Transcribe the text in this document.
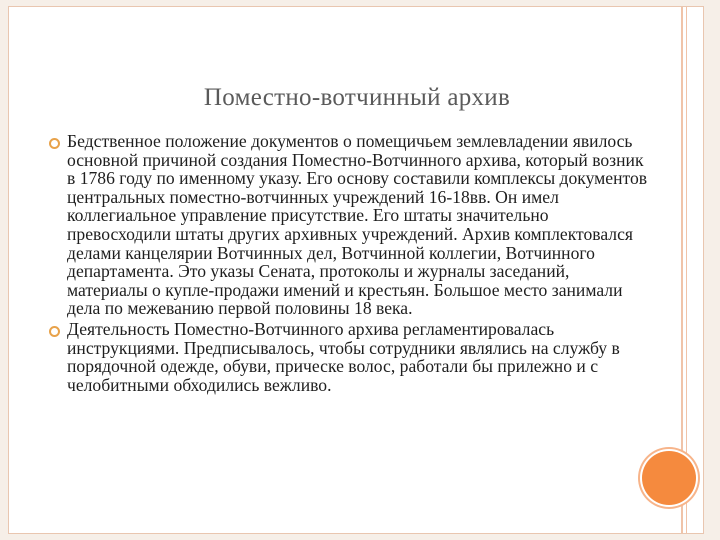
Поместно-вотчинный архив
Бедственное положение документов о помещичьем землевладении явилось основной причиной создания Поместно-Вотчинного архива, который возник в 1786 году по именному указу. Его основу составили комплексы документов центральных поместно-вотчинных учреждений 16-18вв. Он имел коллегиальное управление присутствие. Его штаты значительно превосходили штаты других архивных учреждений. Архив комплектовался делами канцелярии Вотчинных дел, Вотчинной коллегии, Вотчинного департамента. Это указы Сената, протоколы и журналы заседаний, материалы о купле-продажи имений и крестьян. Большое место занимали дела по межеванию первой половины 18 века.
Деятельность Поместно-Вотчинного архива регламентировалась инструкциями. Предписывалось, чтобы сотрудники являлись на службу в порядочной одежде, обуви, прическе волос, работали бы прилежно и с челобитными обходились вежливо.
